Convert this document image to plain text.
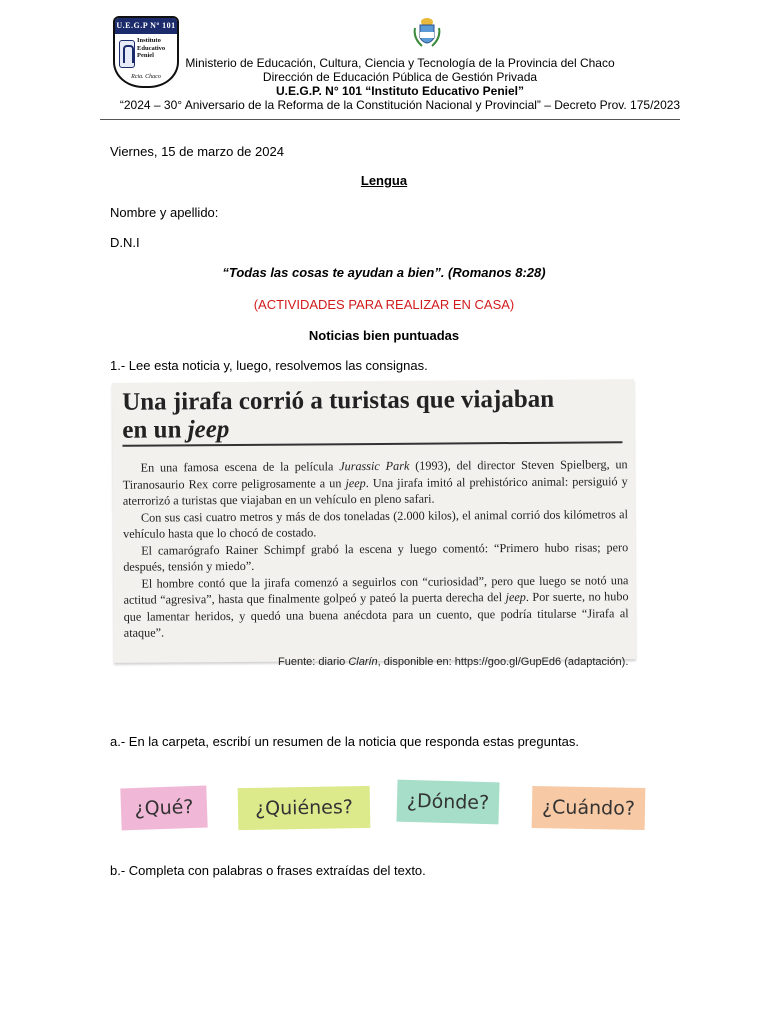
U.E.G.P Nº 101
Instituto
Educativo
Peniel
Rcia. Chaco
Ministerio de Educación, Cultura, Ciencia y Tecnología de la Provincia del Chaco
Dirección de Educación Pública de Gestión Privada
U.E.G.P. N° 101 “Instituto Educativo Peniel”
“2024 – 30° Aniversario de la Reforma de la Constitución Nacional y Provincial” – Decreto Prov. 175/2023
Viernes, 15 de marzo de 2024
Lengua
Nombre y apellido:
D.N.I
“Todas las cosas te ayudan a bien”. (Romanos 8:28)
(ACTIVIDADES PARA REALIZAR EN CASA)
Noticias bien puntuadas
1.- Lee esta noticia y, luego, resolvemos las consignas.
Una jirafa corrió a turistas que viajaban
en un jeep

En una famosa escena de la película Jurassic Park (1993), del director Steven Spielberg, un Tiranosaurio Rex corre peligrosamente a un jeep. Una jirafa imitó al prehistórico animal: persiguió y aterrorizó a turistas que viajaban en un vehículo en pleno safari.

Con sus casi cuatro metros y más de dos toneladas (2.000 kilos), el animal corrió dos kilómetros al vehículo hasta que lo chocó de costado.

El camarógrafo Rainer Schimpf grabó la escena y luego comentó: “Primero hubo risas; pero después, tensión y miedo”.

El hombre contó que la jirafa comenzó a seguirlos con “curiosidad”, pero que luego se notó una actitud “agresiva”, hasta que finalmente golpeó y pateó la puerta derecha del jeep. Por suerte, no hubo que lamentar heridos, y quedó una buena anécdota para un cuento, que podría titularse “Jirafa al ataque”.

Fuente: diario Clarín, disponible en: https://goo.gl/GupEd6 (adaptación).
a.- En la carpeta, escribí un resumen de la noticia que responda estas preguntas.
¿Qué?	¿Quiénes?	¿Dónde?	¿Cuándo?
b.- Completa con palabras o frases extraídas del texto.
